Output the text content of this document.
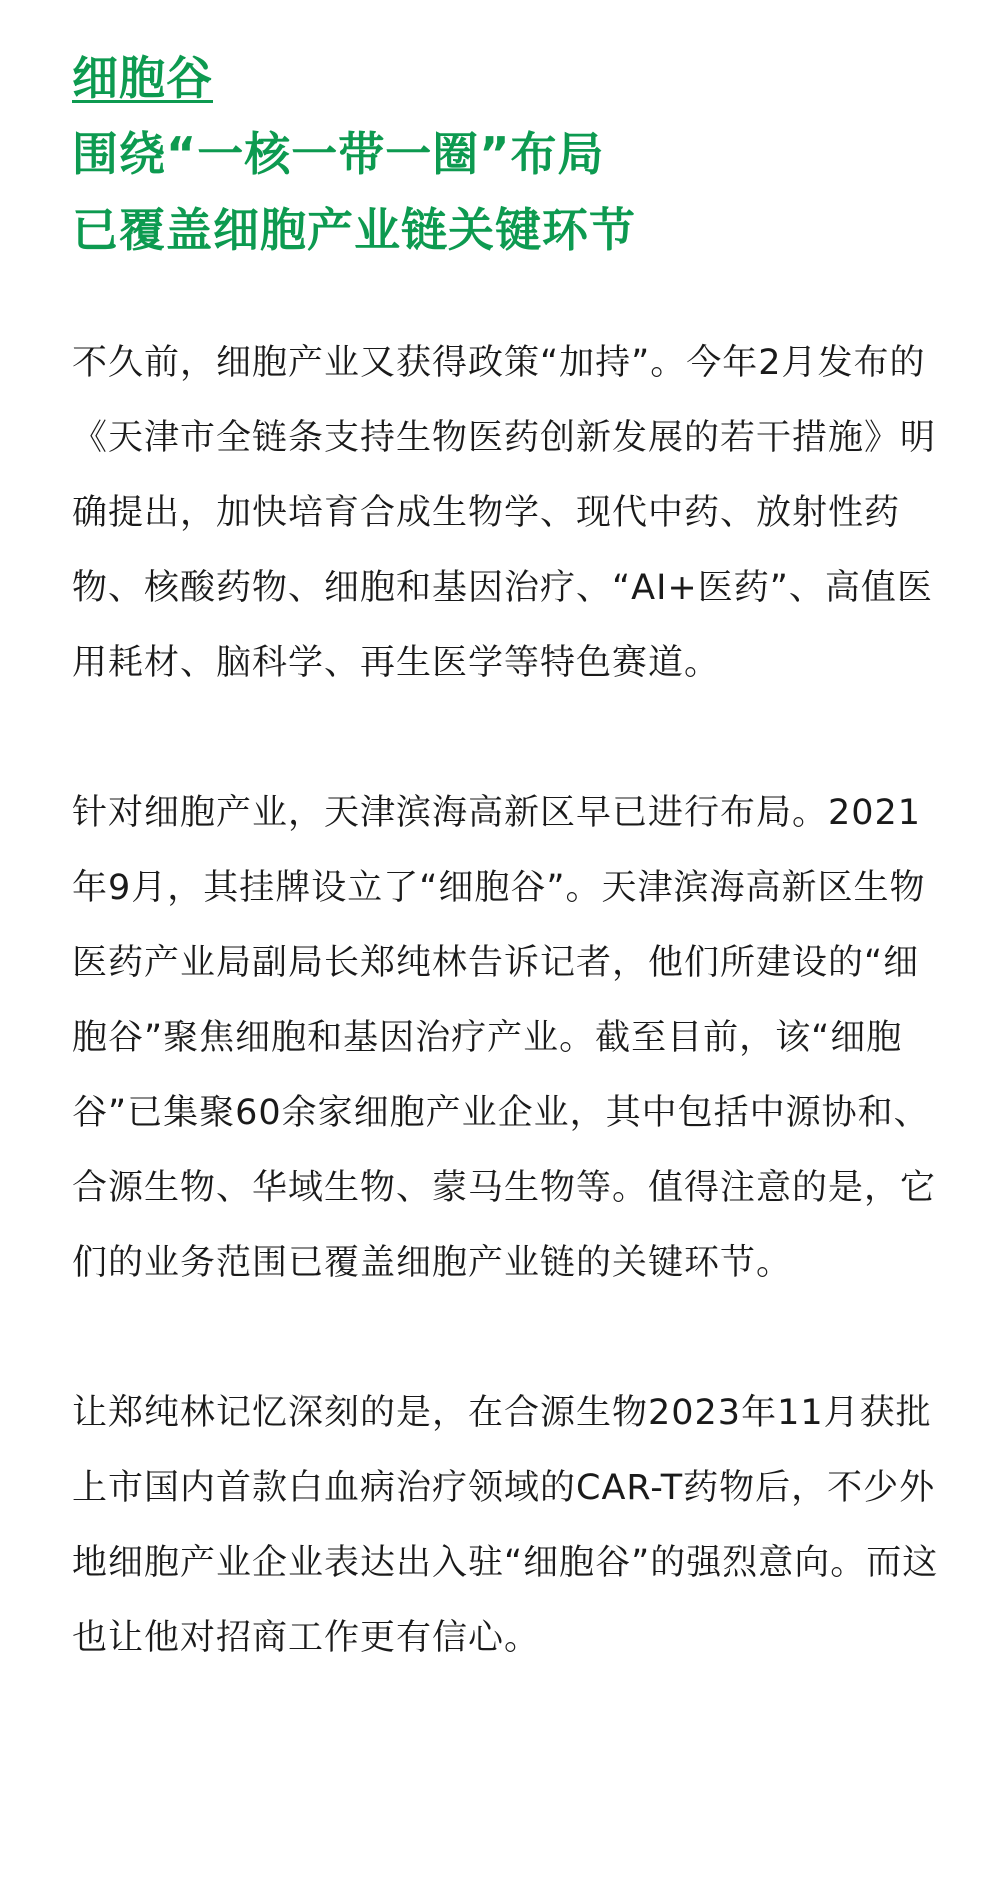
细胞谷
围绕“一核一带一圈”布局
已覆盖细胞产业链关键环节

不久前，细胞产业又获得政策“加持”。今年2月发布的《天津市全链条支持生物医药创新发展的若干措施》明确提出，加快培育合成生物学、现代中药、放射性药物、核酸药物、细胞和基因治疗、“AI+医药”、高值医用耗材、脑科学、再生医学等特色赛道。

针对细胞产业，天津滨海高新区早已进行布局。2021年9月，其挂牌设立了“细胞谷”。天津滨海高新区生物医药产业局副局长郑纯林告诉记者，他们所建设的“细胞谷”聚焦细胞和基因治疗产业。截至目前，该“细胞谷”已集聚60余家细胞产业企业，其中包括中源协和、合源生物、华域生物、蒙马生物等。值得注意的是，它们的业务范围已覆盖细胞产业链的关键环节。

让郑纯林记忆深刻的是，在合源生物2023年11月获批上市国内首款白血病治疗领域的CAR-T药物后，不少外地细胞产业企业表达出入驻“细胞谷”的强烈意向。而这也让他对招商工作更有信心。
